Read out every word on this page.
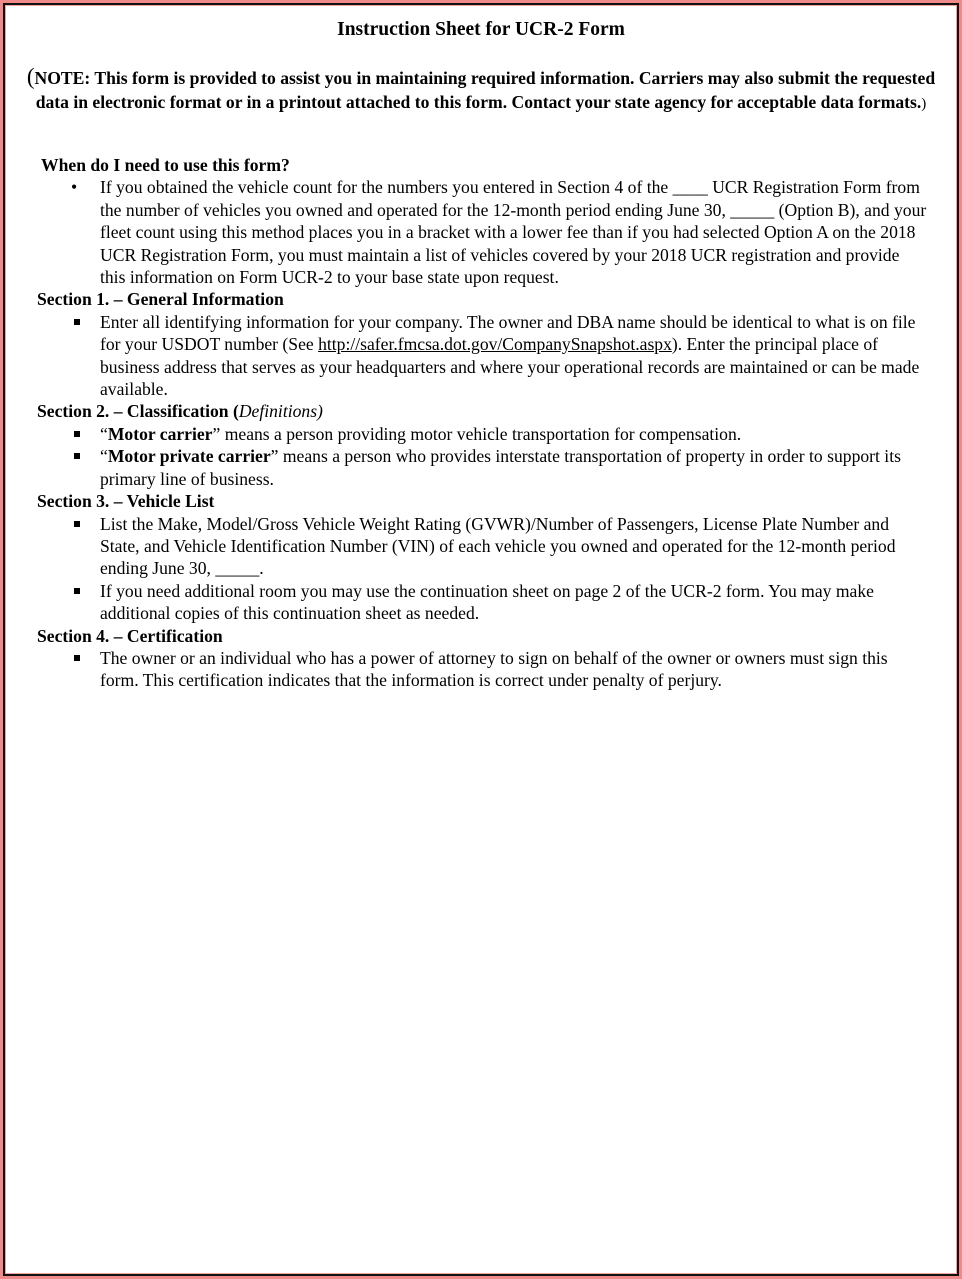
Instruction Sheet for UCR-2 Form
(NOTE: This form is provided to assist you in maintaining required information. Carriers may also submit the requested data in electronic format or in a printout attached to this form. Contact your state agency for acceptable data formats.)
When do I need to use this form?
• If you obtained the vehicle count for the numbers you entered in Section 4 of the ____ UCR Registration Form from the number of vehicles you owned and operated for the 12-month period ending June 30, _____ (Option B), and your fleet count using this method places you in a bracket with a lower fee than if you had selected Option A on the 2018 UCR Registration Form, you must maintain a list of vehicles covered by your 2018 UCR registration and provide this information on Form UCR-2 to your base state upon request.
Section 1. – General Information
Enter all identifying information for your company. The owner and DBA name should be identical to what is on file for your USDOT number (See http://safer.fmcsa.dot.gov/CompanySnapshot.aspx). Enter the principal place of business address that serves as your headquarters and where your operational records are maintained or can be made available.
Section 2. – Classification (Definitions)
“Motor carrier” means a person providing motor vehicle transportation for compensation.
“Motor private carrier” means a person who provides interstate transportation of property in order to support its primary line of business.
Section 3. – Vehicle List
List the Make, Model/Gross Vehicle Weight Rating (GVWR)/Number of Passengers, License Plate Number and State, and Vehicle Identification Number (VIN) of each vehicle you owned and operated for the 12-month period ending June 30, _____.
If you need additional room you may use the continuation sheet on page 2 of the UCR-2 form. You may make additional copies of this continuation sheet as needed.
Section 4. – Certification
The owner or an individual who has a power of attorney to sign on behalf of the owner or owners must sign this form. This certification indicates that the information is correct under penalty of perjury.
